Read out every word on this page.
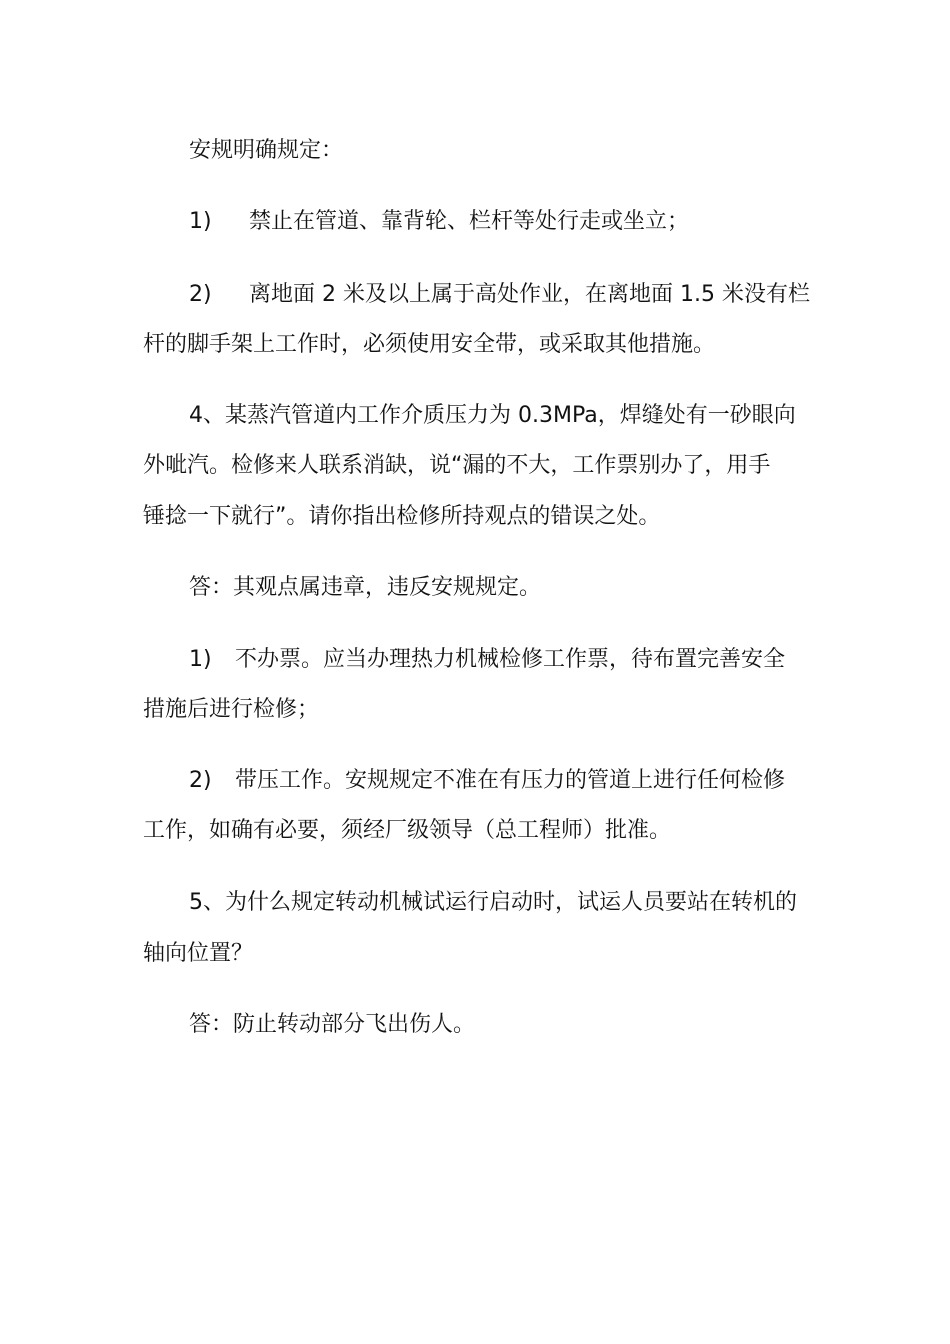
安规明确规定：

1) 禁止在管道、靠背轮、栏杆等处行走或坐立；

2) 离地面 2 米及以上属于高处作业，在离地面 1.5 米没有栏

杆的脚手架上工作时，必须使用安全带，或采取其他措施。

4、某蒸汽管道内工作介质压力为 0.3MPa，焊缝处有一砂眼向

外呲汽。检修来人联系消缺，说“漏的不大，工作票别办了，用手

锤捻一下就行”。请你指出检修所持观点的错误之处。

答：其观点属违章，违反安规规定。

1) 不办票。应当办理热力机械检修工作票，待布置完善安全

措施后进行检修；

2) 带压工作。安规规定不准在有压力的管道上进行任何检修

工作，如确有必要，须经厂级领导（总工程师）批准。

5、为什么规定转动机械试运行启动时，试运人员要站在转机的

轴向位置？

答：防止转动部分飞出伤人。
